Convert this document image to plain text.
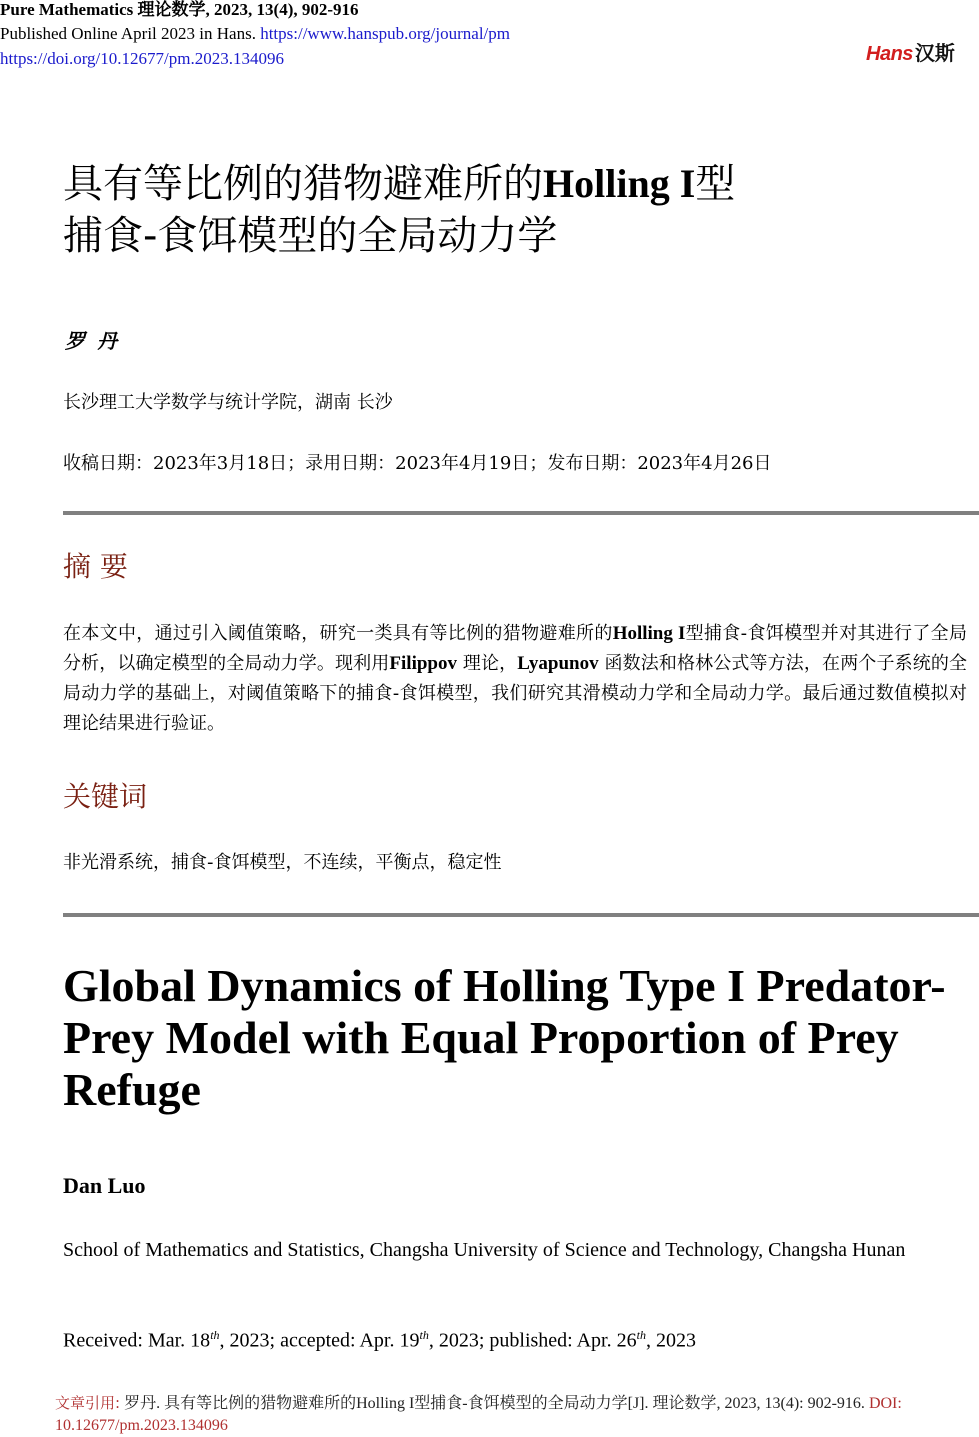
Pure Mathematics 理论数学, 2023, 13(4), 902-916
Published Online April 2023 in Hans. https://www.hanspub.org/journal/pm
https://doi.org/10.12677/pm.2023.134096	Hans 汉斯
具有等比例的猎物避难所的Holling I型
捕食-食饵模型的全局动力学
罗丹
长沙理工大学数学与统计学院，湖南 长沙
收稿日期：2023年3月18日；录用日期：2023年4月19日；发布日期：2023年4月26日
摘 要
在本文中，通过引入阈值策略，研究一类具有等比例的猎物避难所的Holling I型捕食-食饵模型并对其进行了全局分析，以确定模型的全局动力学。现利用Filippov 理论，Lyapunov 函数法和格林公式等方法，在两个子系统的全局动力学的基础上，对阈值策略下的捕食-食饵模型，我们研究其滑模动力学和全局动力学。最后通过数值模拟对理论结果进行验证。
关键词
非光滑系统，捕食-食饵模型，不连续，平衡点，稳定性
Global Dynamics of Holling Type I Predator-Prey Model with Equal Proportion of Prey Refuge
Dan Luo
School of Mathematics and Statistics, Changsha University of Science and Technology, Changsha Hunan
Received: Mar. 18th, 2023; accepted: Apr. 19th, 2023; published: Apr. 26th, 2023
文章引用: 罗丹. 具有等比例的猎物避难所的Holling I型捕食-食饵模型的全局动力学[J]. 理论数学, 2023, 13(4): 902-916. DOI: 10.12677/pm.2023.134096
